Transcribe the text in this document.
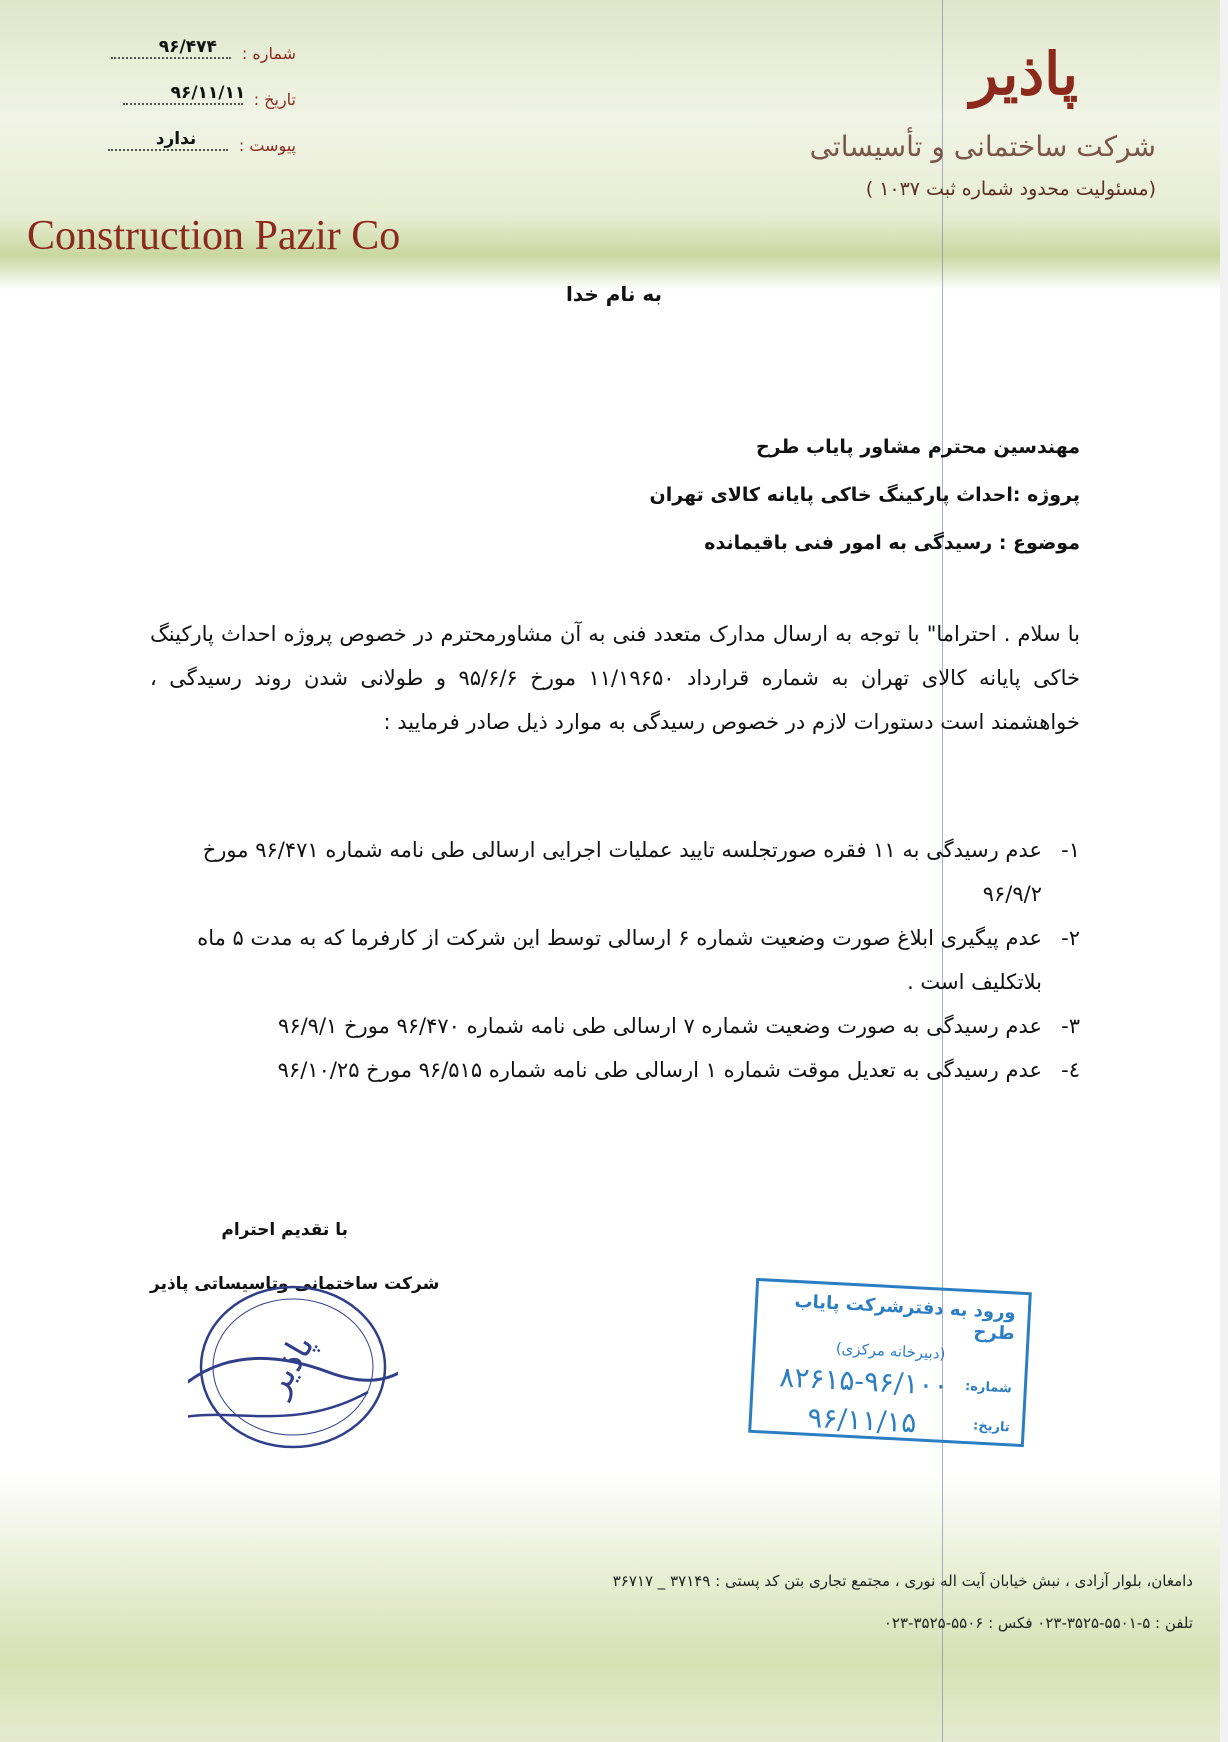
پاذیر
شرکت ساختمانی و تأسیساتی
(مسئولیت محدود شماره ثبت ۱۰۳۷ )
Construction Pazir Co
شماره :
۹۶/۴۷۴
تاریخ :
۹۶/۱۱/۱۱
پیوست :
ندارد
به نام خدا
مهندسین محترم مشاور پایاب طرح
پروژه :احداث پارکینگ خاکی پایانه کالای تهران
موضوع : رسیدگی به امور فنی باقیمانده
با سلام . احتراما" با توجه به ارسال مدارک متعدد فنی به آن مشاورمحترم در خصوص پروژه احداث پارکینگ خاکی پایانه کالای تهران به شماره قرارداد ۱۱/۱۹۶۵۰ مورخ ۹۵/۶/۶ و طولانی شدن روند رسیدگی ، خواهشمند است دستورات لازم در خصوص رسیدگی به موارد ذیل صادر فرمایید :
۱-
عدم رسیدگی به ۱۱ فقره صورتجلسه تایید عملیات اجرایی ارسالی طی نامه شماره ۹۶/۴۷۱ مورخ ۹۶/۹/۲
۲-
عدم پیگیری ابلاغ صورت وضعیت شماره ۶ ارسالی توسط این شرکت از کارفرما که به مدت ۵ ماه بلاتکلیف است .
۳-
عدم رسیدگی به صورت وضعیت شماره ۷ ارسالی طی نامه شماره ۹۶/۴۷۰ مورخ ۹۶/۹/۱
٤-
عدم رسیدگی به تعدیل موقت شماره ۱ ارسالی طی نامه شماره ۹۶/۵۱۵ مورخ ۹۶/۱۰/۲۵
با تقدیم احترام
شرکت ساختمانی وتاسیساتی پاذیر
پاذیر
ورود به دفترشرکت پایاب طرح
(دبیرخانه مرکزی)
شماره:
۸۲۶۱۵-۹۶/۱۰۰
تاریخ:
۹۶/۱۱/۱۵
دامغان، بلوار آزادی ، نبش خیابان آیت اله نوری ، مجتمع تجاری بتن کد پستی : ۳۷۱۴۹ _ ۳۶۷۱۷
تلفن : ۵-۵۵۰۱-۳۵۲۵-۰۲۳ فکس : ۵۵۰۶-۳۵۲۵-۰۲۳
